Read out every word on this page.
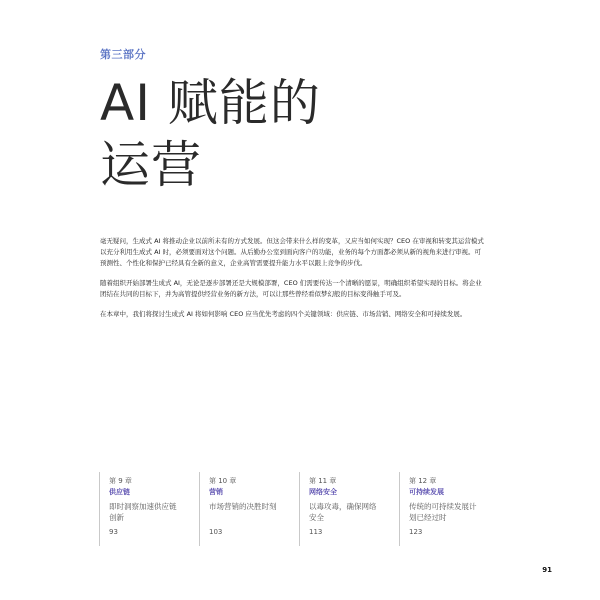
第三部分
AI 赋能的
运营

毫无疑问，生成式 AI 将推动企业以前所未有的方式发展。但这会带来什么样的变革，又应当如何实现？CEO 在审视和转变其运营模式以充分利用生成式 AI 时，必须要面对这个问题。从后勤办公室到面向客户的功能，业务的每个方面都必须从新的视角来进行审视。可预测性、个性化和保护已经具有全新的意义，企业高管需要提升能力水平以跟上竞争的步伐。

随着组织开始部署生成式 AI，无论是逐步部署还是大规模部署，CEO 们需要传达一个清晰的愿景，明确组织希望实现的目标。将企业团结在共同的目标下，并为高管提供经营业务的新方法，可以让那些曾经看似梦幻般的目标变得触手可及。

在本章中，我们将探讨生成式 AI 将如何影响 CEO 应当优先考虑的四个关键领域：供应链、市场营销、网络安全和可持续发展。

第 9 章
供应链
即时洞察加速供应链创新
93
第 10 章
营销
市场营销的决胜时刻
103
第 11 章
网络安全
以毒攻毒，确保网络安全
113
第 12 章
可持续发展
传统的可持续发展计划已经过时
123
91
